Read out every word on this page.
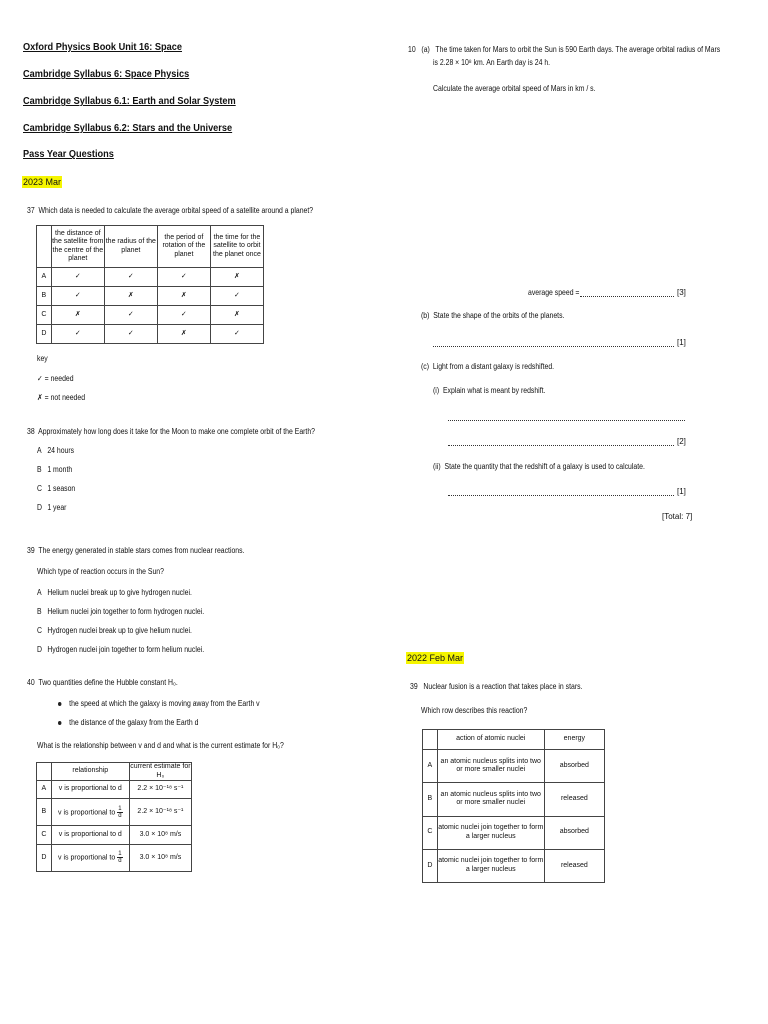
Oxford Physics Book Unit 16: Space
Cambridge Syllabus 6: Space Physics
Cambridge Syllabus 6.1: Earth and Solar System
Cambridge Syllabus 6.2: Stars and the Universe
Pass Year Questions
2023 Mar
37 Which data is needed to calculate the average orbital speed of a satellite around a planet?
	the distance of the satellite from the centre of the planet	the radius of the planet	the period of rotation of the planet	the time for the satellite to orbit the planet once
A	✓	✓	✓	✗
B	✓	✗	✗	✓
C	✗	✓	✓	✗
D	✓	✓	✗	✓
key
✓ = needed
✗ = not needed
38 Approximately how long does it take for the Moon to make one complete orbit of the Earth?
A 24 hours
B 1 month
C 1 season
D 1 year
39 The energy generated in stable stars comes from nuclear reactions.
Which type of reaction occurs in the Sun?
A Helium nuclei break up to give hydrogen nuclei.
B Helium nuclei join together to form hydrogen nuclei.
C Hydrogen nuclei break up to give helium nuclei.
D Hydrogen nuclei join together to form helium nuclei.
40 Two quantities define the Hubble constant H₀.
the speed at which the galaxy is moving away from the Earth v
the distance of the galaxy from the Earth d
What is the relationship between v and d and what is the current estimate for H₀?
	relationship	current estimate for H₀
A	v is proportional to d	2.2 × 10⁻¹⁸ s⁻¹
B	v is proportional to $\frac{1}{d}$	2.2 × 10⁻¹⁸ s⁻¹
C	v is proportional to d	3.0 × 10⁸ m/s
D	v is proportional to $\frac{1}{d}$	3.0 × 10⁸ m/s
10 (a) The time taken for Mars to orbit the Sun is 590 Earth days. The average orbital radius of Mars
is 2.28 × 10⁸ km. An Earth day is 24 h.
Calculate the average orbital speed of Mars in km / s.
average speed =	[3]
(b) State the shape of the orbits of the planets.
[1]
(c) Light from a distant galaxy is redshifted.
(i) Explain what is meant by redshift.
[2]
(ii) State the quantity that the redshift of a galaxy is used to calculate.
[1]
[Total: 7]
2022 Feb Mar
39 Nuclear fusion is a reaction that takes place in stars.
Which row describes this reaction?
	action of atomic nuclei	energy
A	an atomic nucleus splits into two or more smaller nuclei	absorbed
B	an atomic nucleus splits into two or more smaller nuclei	released
C	atomic nuclei join together to form a larger nucleus	absorbed
D	atomic nuclei join together to form a larger nucleus	released
